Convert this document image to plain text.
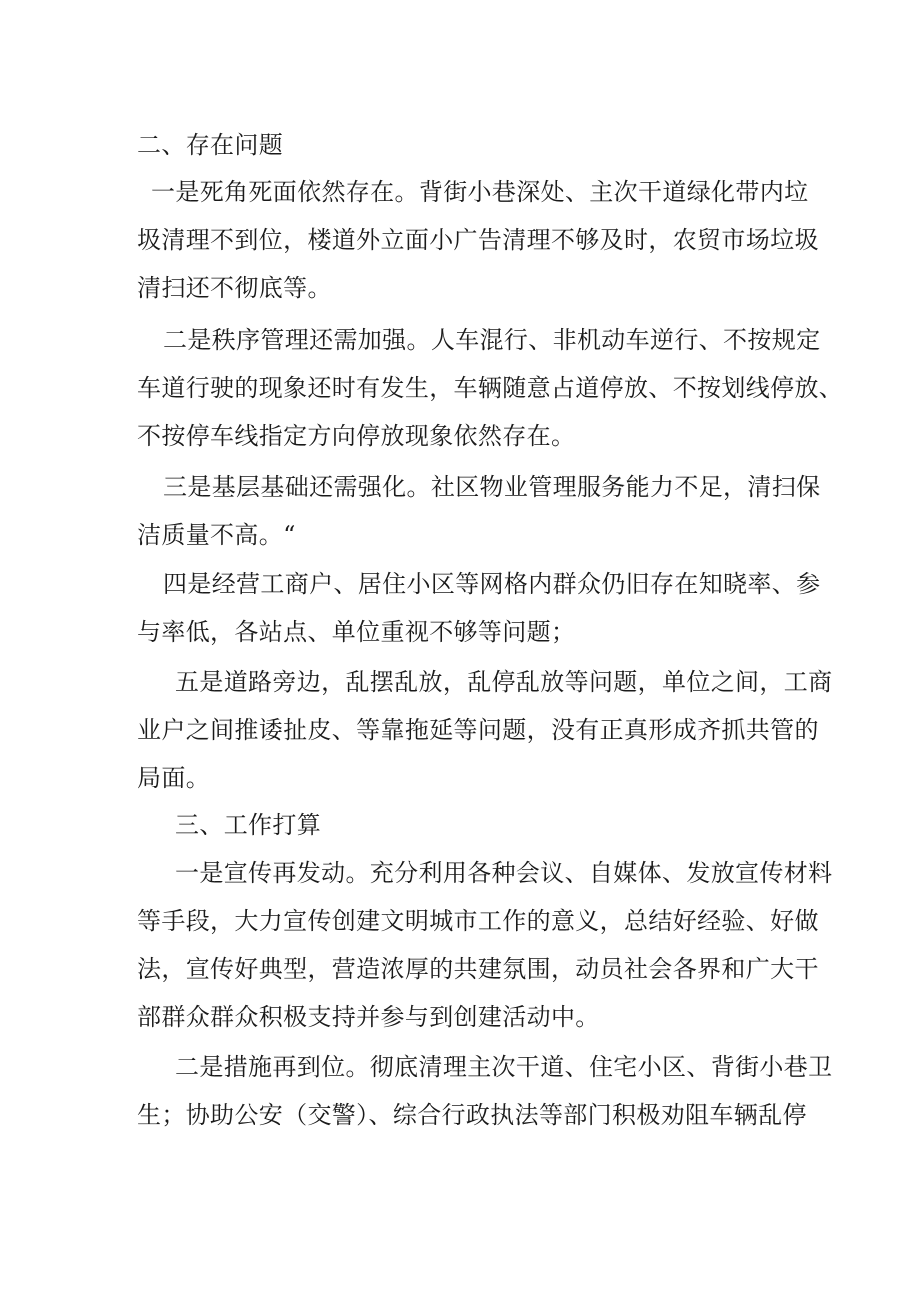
二、存在问题
一是死角死面依然存在。背街小巷深处、主次干道绿化带内垃
圾清理不到位，楼道外立面小广告清理不够及时，农贸市场垃圾
清扫还不彻底等。
二是秩序管理还需加强。人车混行、非机动车逆行、不按规定
车道行驶的现象还时有发生，车辆随意占道停放、不按划线停放、
不按停车线指定方向停放现象依然存在。
三是基层基础还需强化。社区物业管理服务能力不足，清扫保
洁质量不高。“
四是经营工商户、居住小区等网格内群众仍旧存在知晓率、参
与率低，各站点、单位重视不够等问题；
五是道路旁边，乱摆乱放，乱停乱放等问题，单位之间，工商
业户之间推诿扯皮、等靠拖延等问题，没有正真形成齐抓共管的
局面。
三、工作打算
一是宣传再发动。充分利用各种会议、自媒体、发放宣传材料
等手段，大力宣传创建文明城市工作的意义，总结好经验、好做
法，宣传好典型，营造浓厚的共建氛围，动员社会各界和广大干
部群众群众积极支持并参与到创建活动中。
二是措施再到位。彻底清理主次干道、住宅小区、背街小巷卫
生；协助公安（交警）、综合行政执法等部门积极劝阻车辆乱停
